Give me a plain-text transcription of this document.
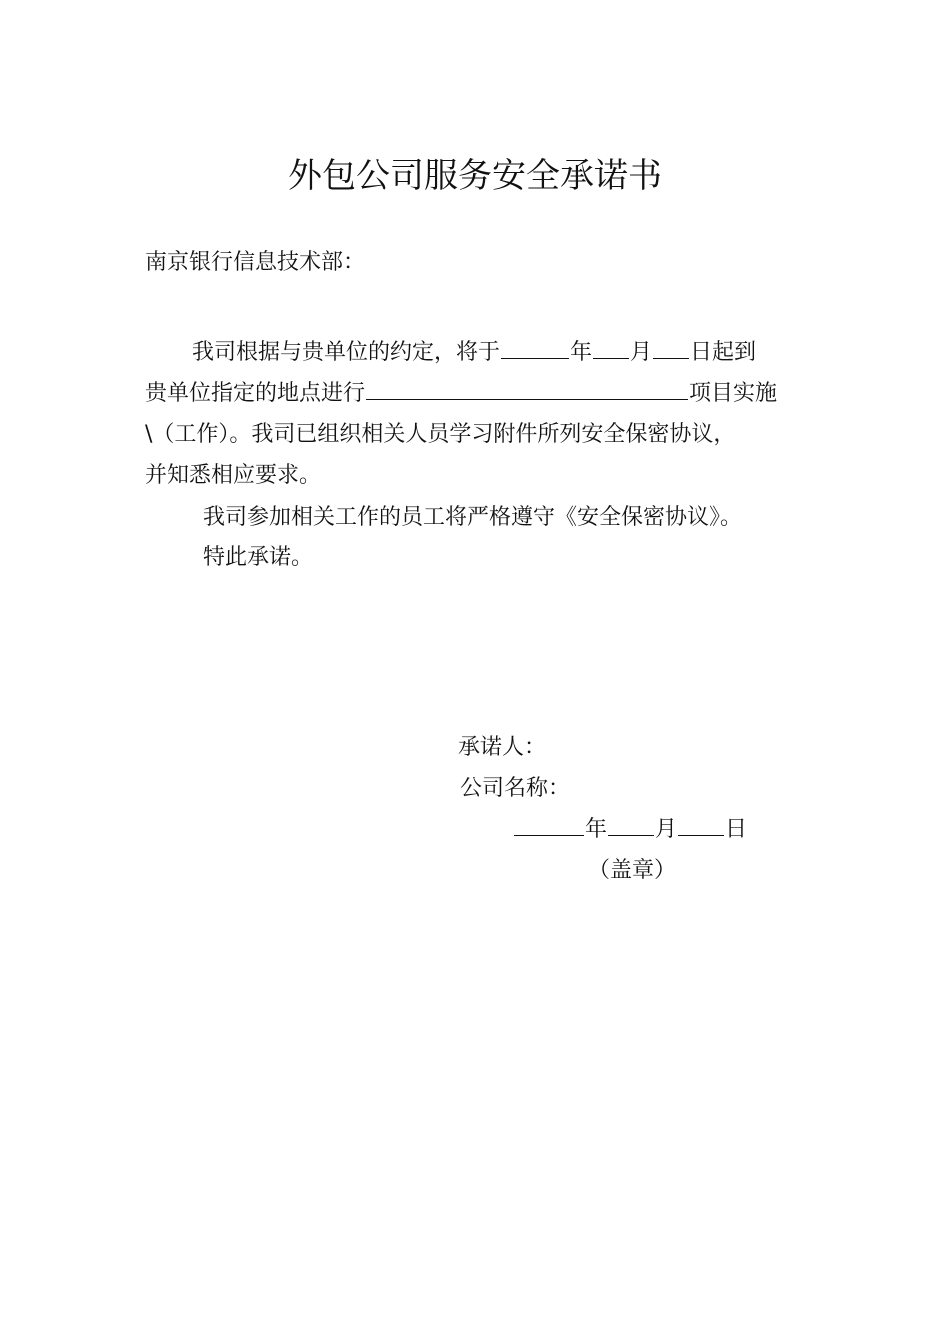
外包公司服务安全承诺书
南京银行信息技术部：
我司根据与贵单位的约定，将于	年 月 日起到
贵单位指定的地点进行	项目实施
\（工作）。我司已组织相关人员学习附件所列安全保密协议，
并知悉相应要求。
我司参加相关工作的员工将严格遵守《安全保密协议》。
特此承诺。
承诺人：
公司名称：
年 月 日
（盖章）
